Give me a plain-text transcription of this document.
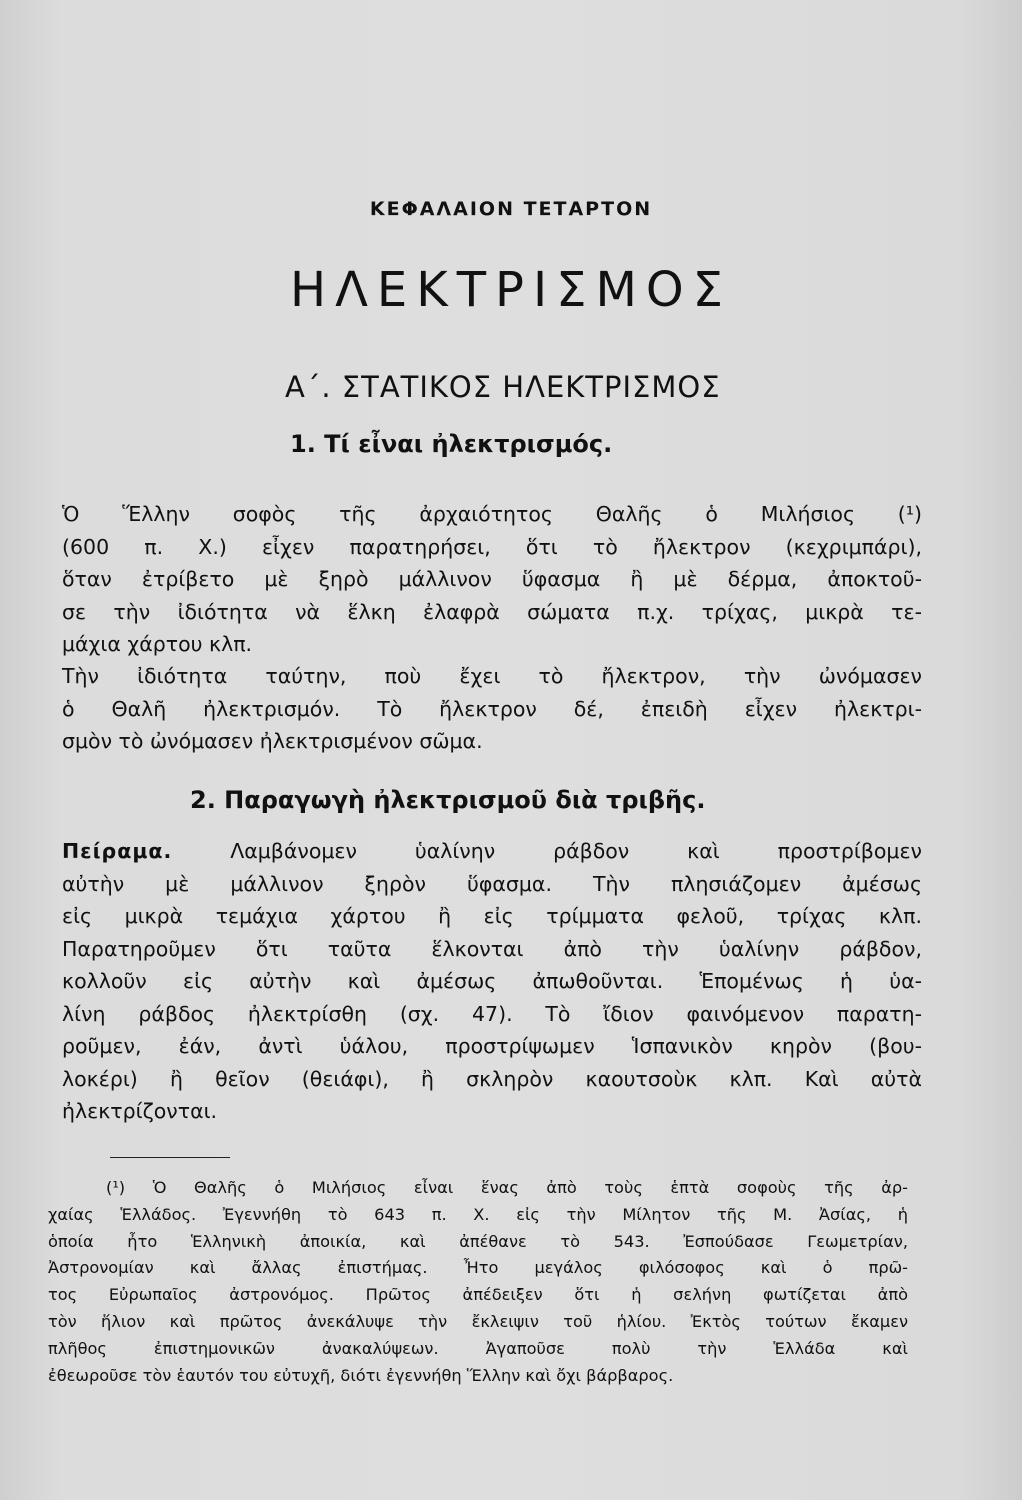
ΚΕΦΑΛΑΙΟΝ ΤΕΤΑΡΤΟΝ
ΗΛΕΚΤΡΙΣΜΟΣ
Α΄. ΣΤΑΤΙΚΟΣ ΗΛΕΚΤΡΙΣΜΟΣ
1. Τί εἶναι ἠλεκτρισμός.
Ὁ Ἕλλην σοφὸς τῆς ἀρχαιότητος Θαλῆς ὁ Μιλήσιος (¹)
(600 π. Χ.) εἶχεν παρατηρήσει, ὅτι τὸ ἤλεκτρον (κεχριμπάρι),
ὅταν ἐτρίβετο μὲ ξηρὸ μάλλινον ὕφασμα ἢ μὲ δέρμα, ἀποκτοῦ-
σε τὴν ἰδιότητα νὰ ἕλκη ἐλαφρὰ σώματα π.χ. τρίχας, μικρὰ τε-
μάχια χάρτου κλπ.
Τὴν ἰδιότητα ταύτην, ποὺ ἔχει τὸ ἤλεκτρον, τὴν ὠνόμασεν
ὁ Θαλῆ ἠλεκτρισμόν. Τὸ ἤλεκτρον δέ, ἐπειδὴ εἶχεν ἠλεκτρι-
σμὸν τὸ ὠνόμασεν ἠλεκτρισμένον σῶμα.
2. Παραγωγὴ ἠλεκτρισμοῦ διὰ τριβῆς.
Πείραμα.	Λαμβάνομεν ὑαλίνην ράβδον καὶ προστρίβομεν
αὐτὴν μὲ μάλλινον ξηρὸν ὕφασμα. Τὴν πλησιάζομεν ἀμέσως
εἰς μικρὰ τεμάχια χάρτου ἢ εἰς τρίμματα φελοῦ, τρίχας κλπ.
Παρατηροῦμεν ὅτι ταῦτα ἕλκονται ἀπὸ τὴν ὑαλίνην ράβδον,
κολλοῦν εἰς αὐτὴν καὶ ἀμέσως ἀπωθοῦνται. Ἑπομένως ἡ ὑα-
λίνη ράβδος ἠλεκτρίσθη (σχ. 47). Τὸ ἴδιον φαινόμενον παρατη-
ροῦμεν, ἐάν, ἀντὶ ὑάλου, προστρίψωμεν Ἱσπανικὸν κηρὸν (βου-
λοκέρι) ἢ θεῖον (θειάφι), ἢ σκληρὸν καουτσοὺκ κλπ. Καὶ αὐτὰ
ἠλεκτρίζονται.
(¹) Ὁ Θαλῆς ὁ Μιλήσιος εἶναι ἕνας ἀπὸ τοὺς ἑπτὰ σοφοὺς τῆς ἀρ-
χαίας Ἑλλάδος. Ἐγεννήθη τὸ 643 π. Χ. εἰς τὴν Μίλητον τῆς Μ. Ἀσίας, ἡ
ὁποία ἦτο Ἑλληνικὴ ἀποικία, καὶ ἀπέθανε τὸ 543. Ἐσπούδασε Γεωμετρίαν,
Ἀστρονομίαν καὶ ἄλλας ἐπιστήμας. Ἦτο μεγάλος φιλόσοφος καὶ ὁ πρῶ-
τος Εὐρωπαῖος ἀστρονόμος. Πρῶτος ἀπέδειξεν ὅτι ἡ σελήνη φωτίζεται ἀπὸ
τὸν ἥλιον καὶ πρῶτος ἀνεκάλυψε τὴν ἔκλειψιν τοῦ ἡλίου. Ἐκτὸς τούτων ἔκαμεν
πλῆθος ἐπιστημονικῶν ἀνακαλύψεων. Ἀγαποῦσε πολὺ τὴν Ἑλλάδα καὶ
ἐθεωροῦσε τὸν ἑαυτόν του εὐτυχῆ, διότι ἐγεννήθη Ἕλλην καὶ ὄχι βάρβαρος.
